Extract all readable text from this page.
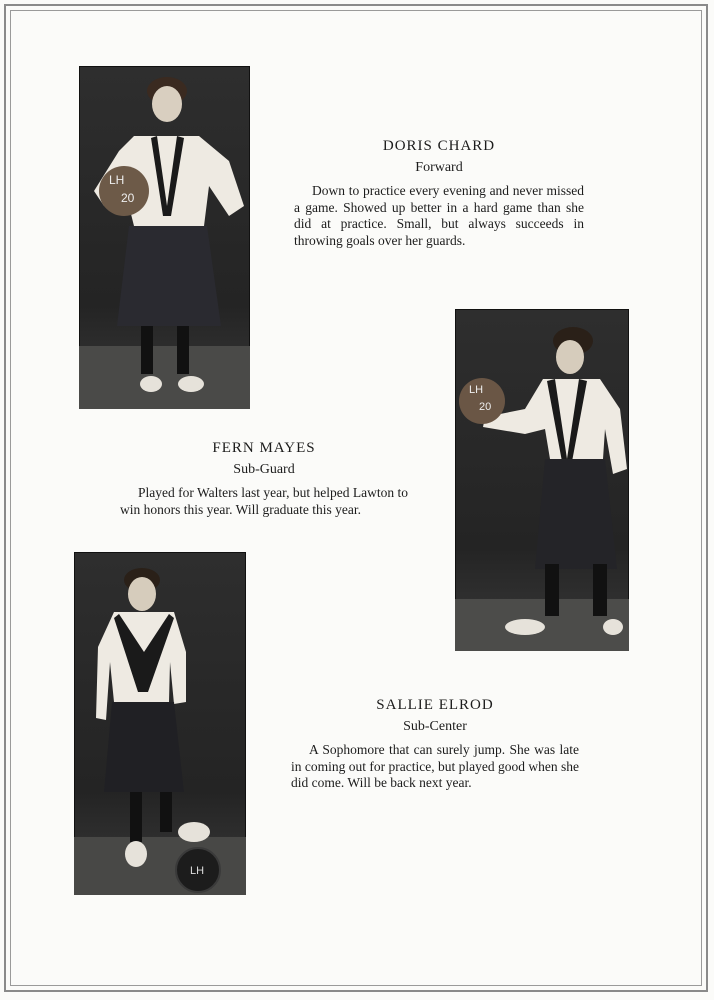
LH
20
LH
20
LH
DORIS CHARD
Forward

Down to practice every evening and never missed a game. Showed up better in a hard game than she did at practice. Small, but always succeeds in throwing goals over her guards.

FERN MAYES
Sub-Guard

Played for Walters last year, but helped Lawton to win honors this year. Will graduate this year.

SALLIE ELROD
Sub-Center

A Sophomore that can surely jump. She was late in coming out for practice, but played good when she did come. Will be back next year.
